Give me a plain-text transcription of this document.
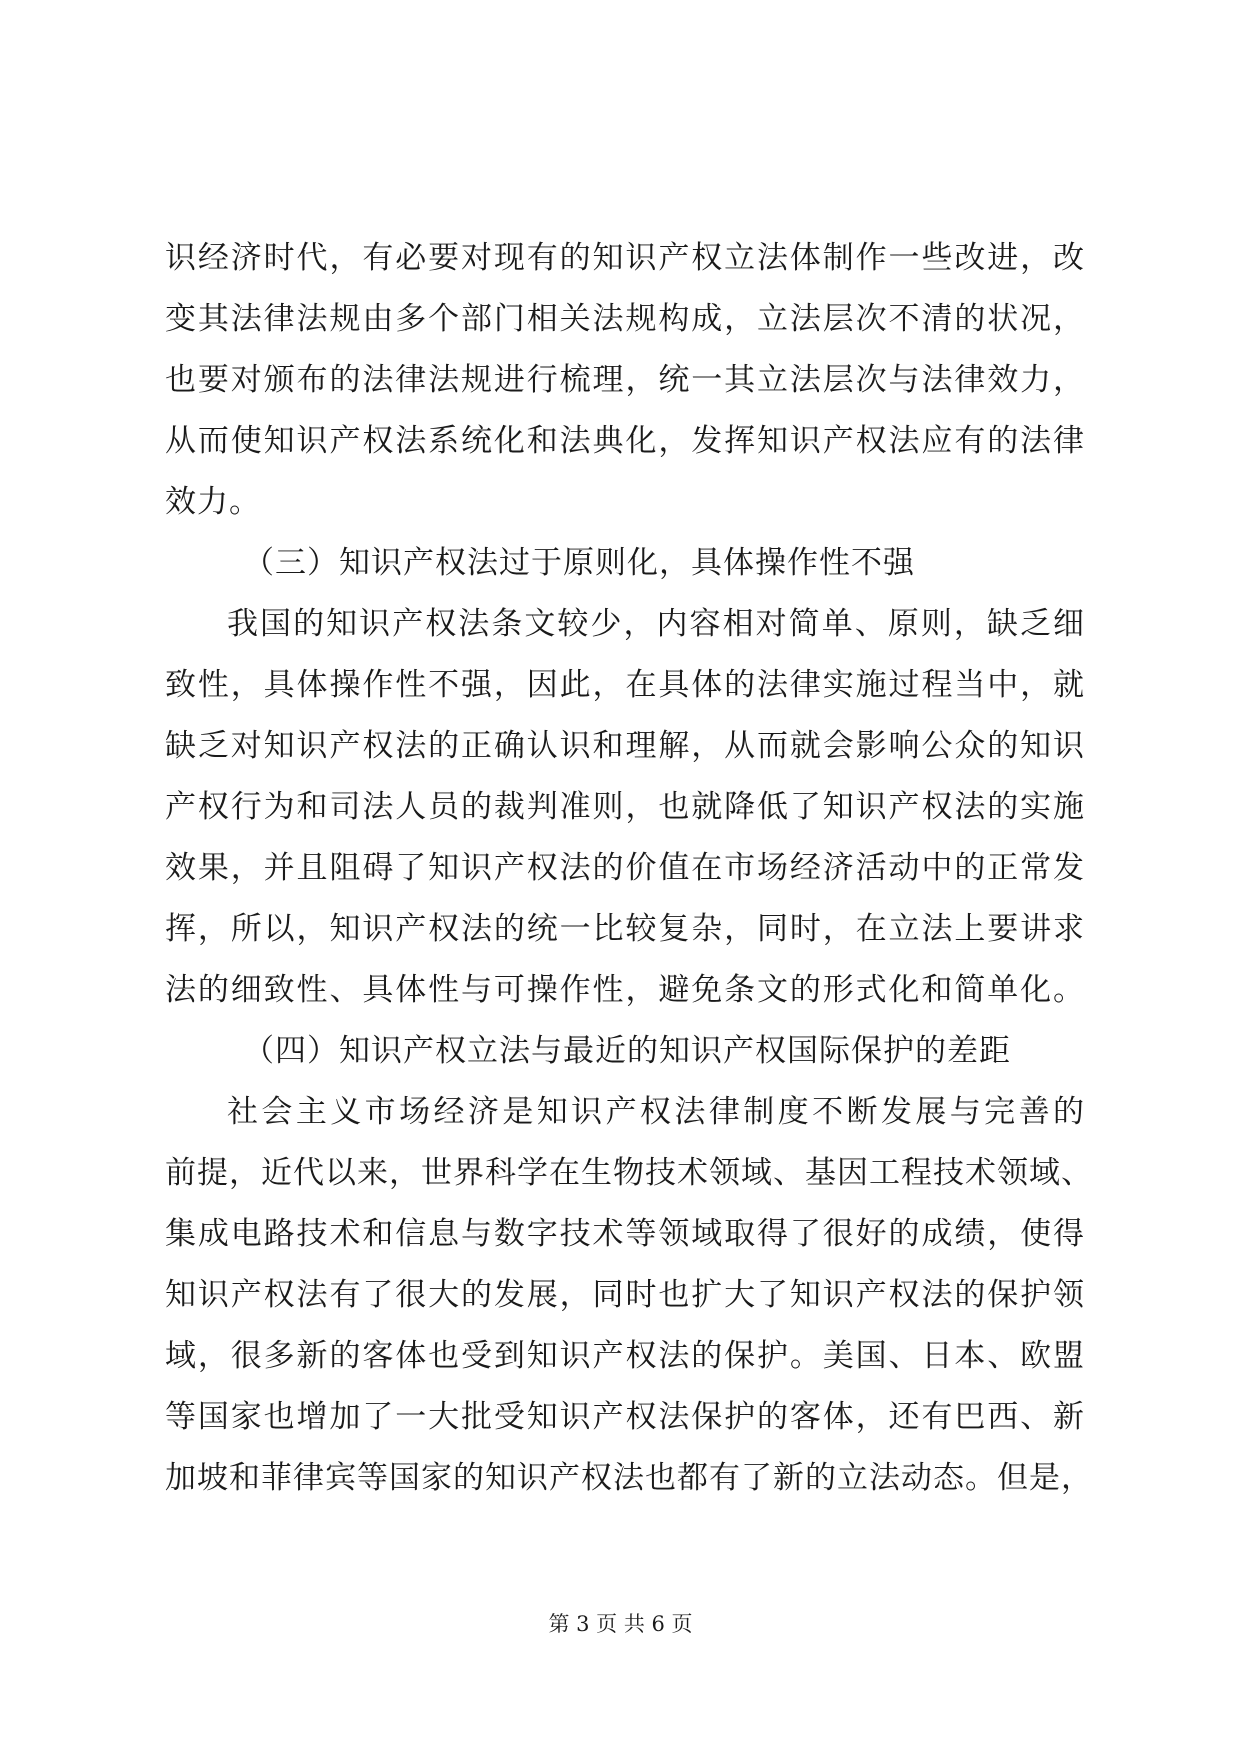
识经济时代，有必要对现有的知识产权立法体制作一些改进，改
变其法律法规由多个部门相关法规构成，立法层次不清的状况，
也要对颁布的法律法规进行梳理，统一其立法层次与法律效力，
从而使知识产权法系统化和法典化，发挥知识产权法应有的法律
效力。
（三）知识产权法过于原则化，具体操作性不强
我国的知识产权法条文较少，内容相对简单、原则，缺乏细
致性，具体操作性不强，因此，在具体的法律实施过程当中，就
缺乏对知识产权法的正确认识和理解，从而就会影响公众的知识
产权行为和司法人员的裁判准则，也就降低了知识产权法的实施
效果，并且阻碍了知识产权法的价值在市场经济活动中的正常发
挥，所以，知识产权法的统一比较复杂，同时，在立法上要讲求
法的细致性、具体性与可操作性，避免条文的形式化和简单化。
（四）知识产权立法与最近的知识产权国际保护的差距
社会主义市场经济是知识产权法律制度不断发展与完善的
前提，近代以来，世界科学在生物技术领域、基因工程技术领域、
集成电路技术和信息与数字技术等领域取得了很好的成绩，使得
知识产权法有了很大的发展，同时也扩大了知识产权法的保护领
域，很多新的客体也受到知识产权法的保护。美国、日本、欧盟
等国家也增加了一大批受知识产权法保护的客体，还有巴西、新
加坡和菲律宾等国家的知识产权法也都有了新的立法动态。但是，
第 3 页 共 6 页
